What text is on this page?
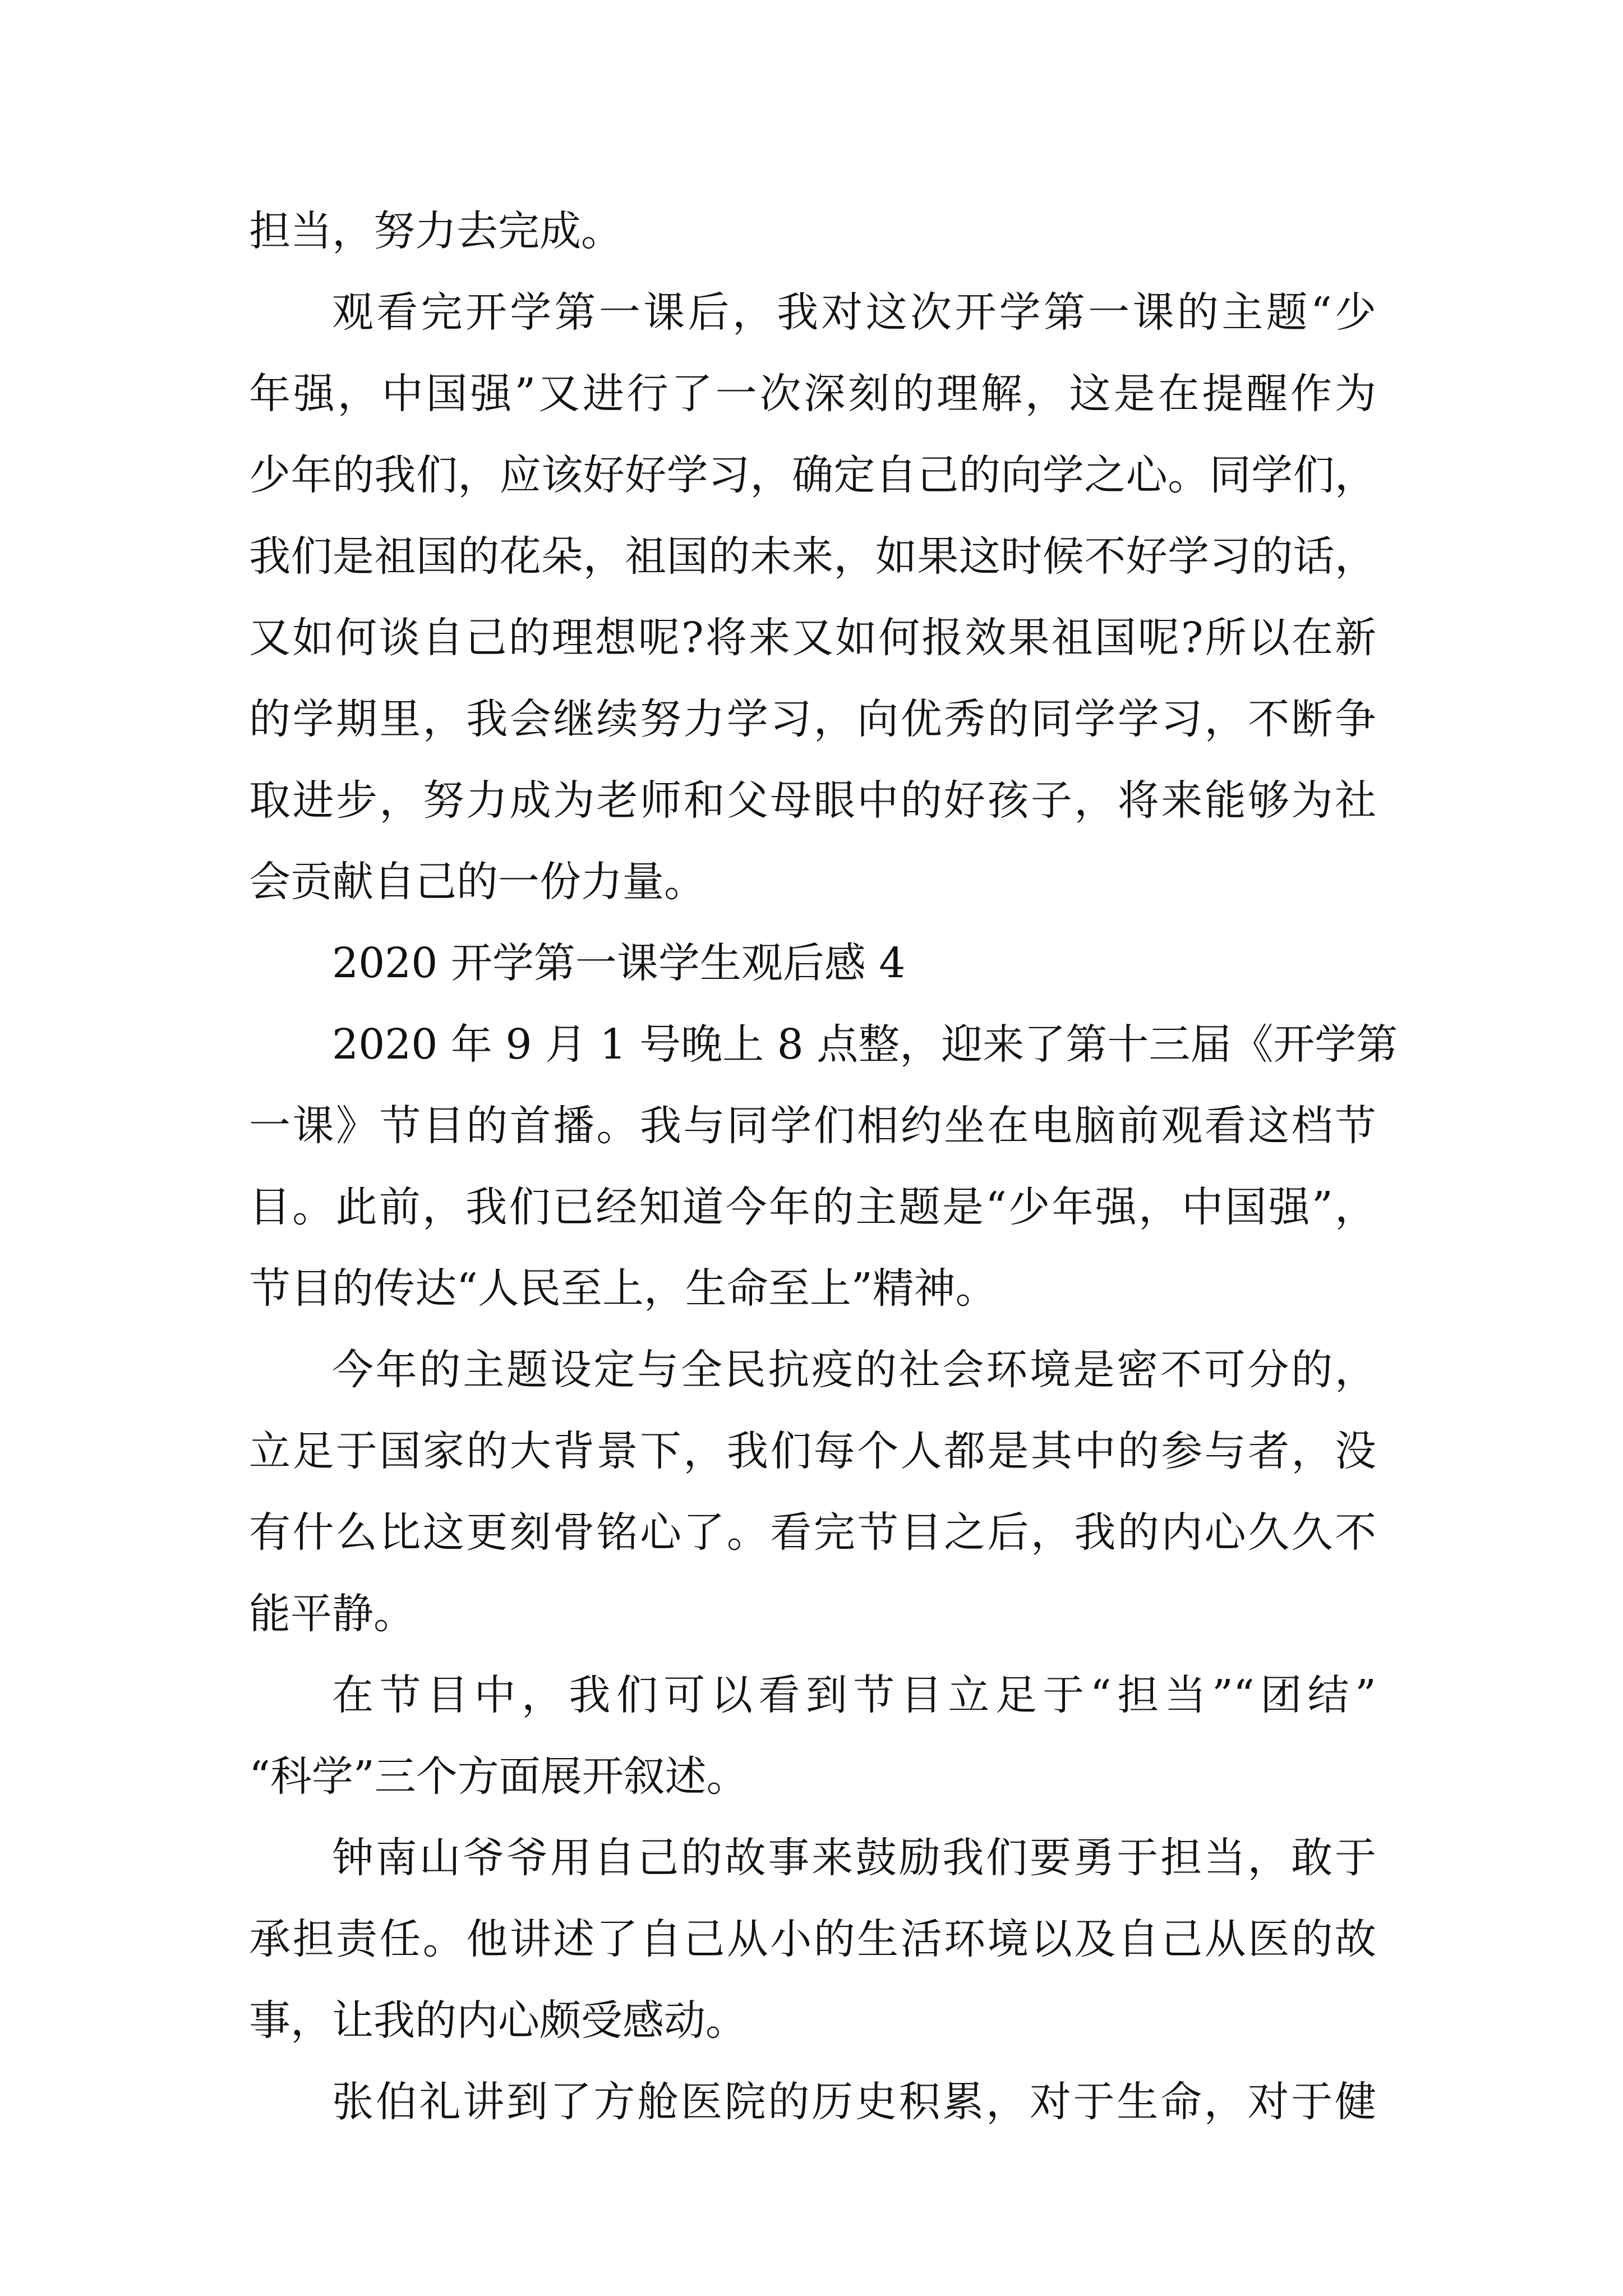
担当，努力去完成。

观看完开学第一课后，我对这次开学第一课的主题“少

年强，中国强”又进行了一次深刻的理解，这是在提醒作为

少年的我们，应该好好学习，确定自己的向学之心。同学们，

我们是祖国的花朵，祖国的未来，如果这时候不好学习的话，

又如何谈自己的理想呢?将来又如何报效果祖国呢?所以在新

的学期里，我会继续努力学习，向优秀的同学学习，不断争

取进步，努力成为老师和父母眼中的好孩子，将来能够为社

会贡献自己的一份力量。

2020 开学第一课学生观后感 4

2020 年 9 月 1 号晚上 8 点整，迎来了第十三届《开学第

一课》节目的首播。我与同学们相约坐在电脑前观看这档节

目。此前，我们已经知道今年的主题是“少年强，中国强”，

节目的传达“人民至上，生命至上”精神。

今年的主题设定与全民抗疫的社会环境是密不可分的，

立足于国家的大背景下，我们每个人都是其中的参与者，没

有什么比这更刻骨铭心了。看完节目之后，我的内心久久不

能平静。

在节目中，我们可以看到节目立足于“担当”“团结”

“科学”三个方面展开叙述。

钟南山爷爷用自己的故事来鼓励我们要勇于担当，敢于

承担责任。他讲述了自己从小的生活环境以及自己从医的故

事，让我的内心颇受感动。

张伯礼讲到了方舱医院的历史积累，对于生命，对于健
